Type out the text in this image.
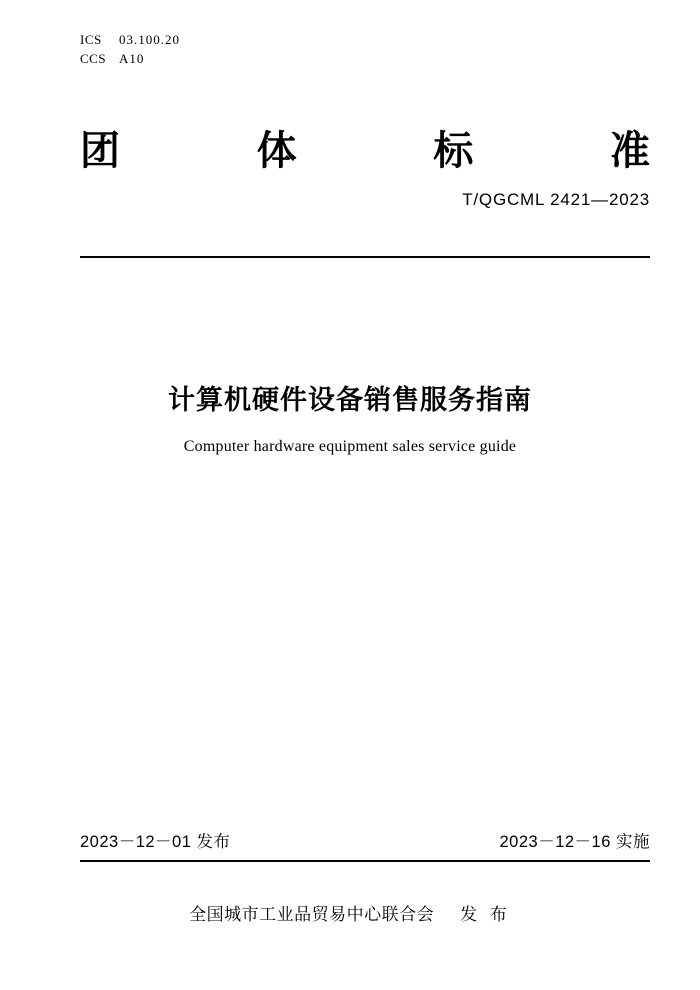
ICS 03.100.20
CCS A10
团	体	标	准
T/QGCML 2421—2023
计算机硬件设备销售服务指南
Computer hardware equipment sales service guide
2023－12－01 发布	2023－12－16 实施
全国城市工业品贸易中心联合会 发 布
